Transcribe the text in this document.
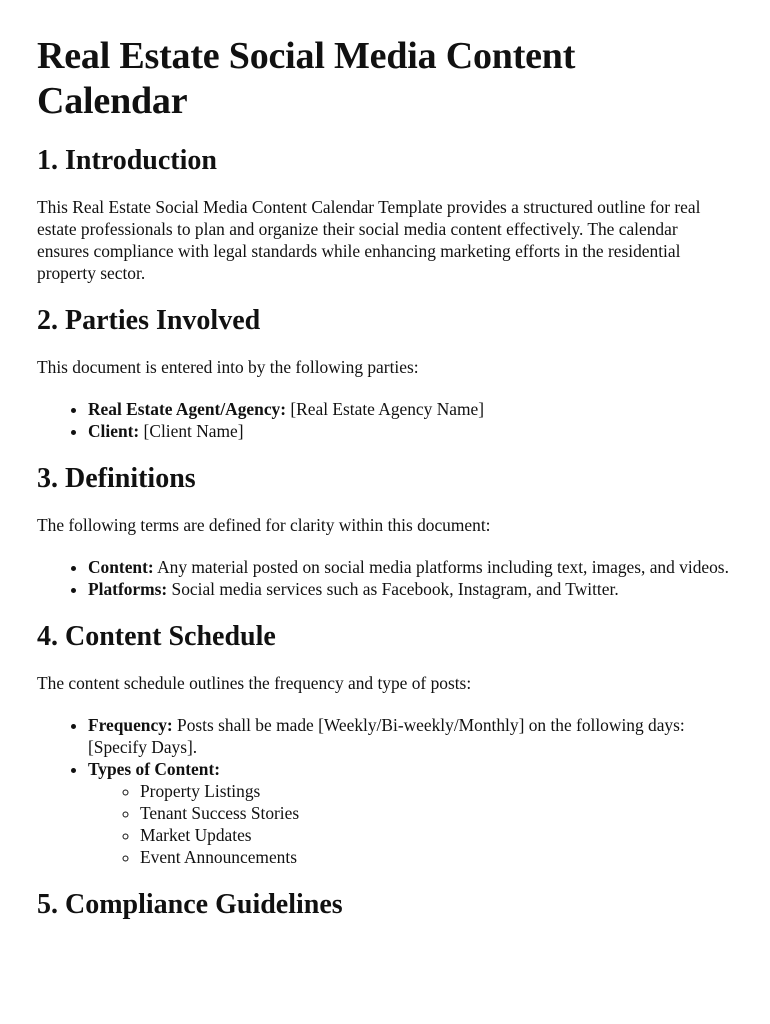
Real Estate Social Media Content Calendar
1. Introduction

This Real Estate Social Media Content Calendar Template provides a structured outline for real estate professionals to plan and organize their social media content effectively. The calendar ensures compliance with legal standards while enhancing marketing efforts in the residential property sector.

2. Parties Involved

This document is entered into by the following parties:

• Real Estate Agent/Agency: [Real Estate Agency Name]
• Client: [Client Name]
3. Definitions

The following terms are defined for clarity within this document:

• Content: Any material posted on social media platforms including text, images, and videos.
• Platforms: Social media services such as Facebook, Instagram, and Twitter.
4. Content Schedule

The content schedule outlines the frequency and type of posts:

• Frequency: Posts shall be made [Weekly/Bi-weekly/Monthly] on the following days: [Specify Days].
• Types of Content:
◦ Property Listings
◦ Tenant Success Stories
◦ Market Updates
◦ Event Announcements
5. Compliance Guidelines
